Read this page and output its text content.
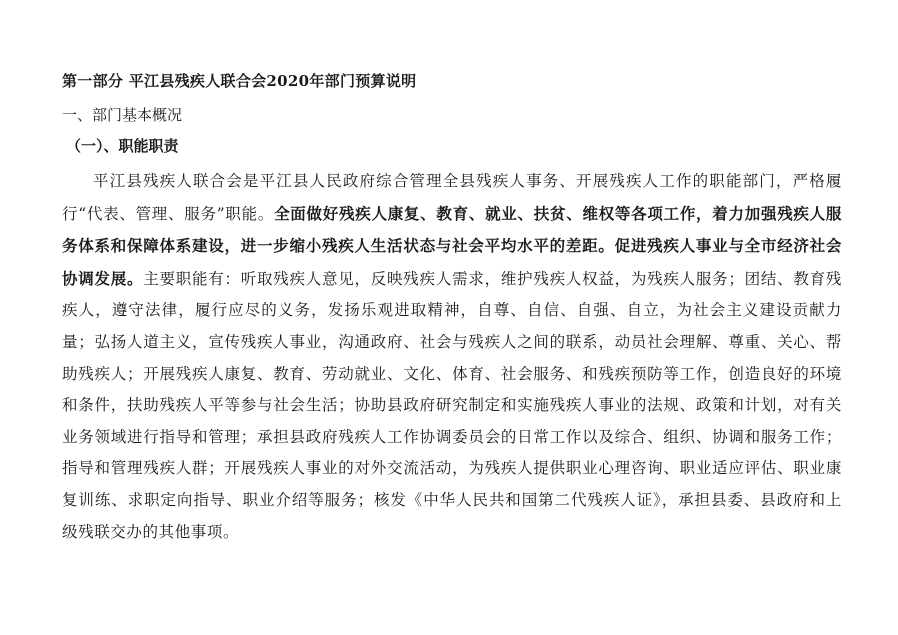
第一部分 平江县残疾人联合会2020年部门预算说明
一、部门基本概况
（一）、职能职责

平江县残疾人联合会是平江县人民政府综合管理全县残疾人事务、开展残疾人工作的职能部门，严格履行“代表、管理、服务”职能。全面做好残疾人康复、教育、就业、扶贫、维权等各项工作，着力加强残疾人服务体系和保障体系建设，进一步缩小残疾人生活状态与社会平均水平的差距。促进残疾人事业与全市经济社会协调发展。主要职能有：听取残疾人意见，反映残疾人需求，维护残疾人权益，为残疾人服务；团结、教育残疾人，遵守法律，履行应尽的义务，发扬乐观进取精神，自尊、自信、自强、自立，为社会主义建设贡献力量；弘扬人道主义，宣传残疾人事业，沟通政府、社会与残疾人之间的联系，动员社会理解、尊重、关心、帮助残疾人；开展残疾人康复、教育、劳动就业、文化、体育、社会服务、和残疾预防等工作，创造良好的环境和条件，扶助残疾人平等参与社会生活；协助县政府研究制定和实施残疾人事业的法规、政策和计划，对有关业务领域进行指导和管理；承担县政府残疾人工作协调委员会的日常工作以及综合、组织、协调和服务工作；指导和管理残疾人群；开展残疾人事业的对外交流活动，为残疾人提供职业心理咨询、职业适应评估、职业康复训练、求职定向指导、职业介绍等服务；核发《中华人民共和国第二代残疾人证》，承担县委、县政府和上级残联交办的其他事项。
